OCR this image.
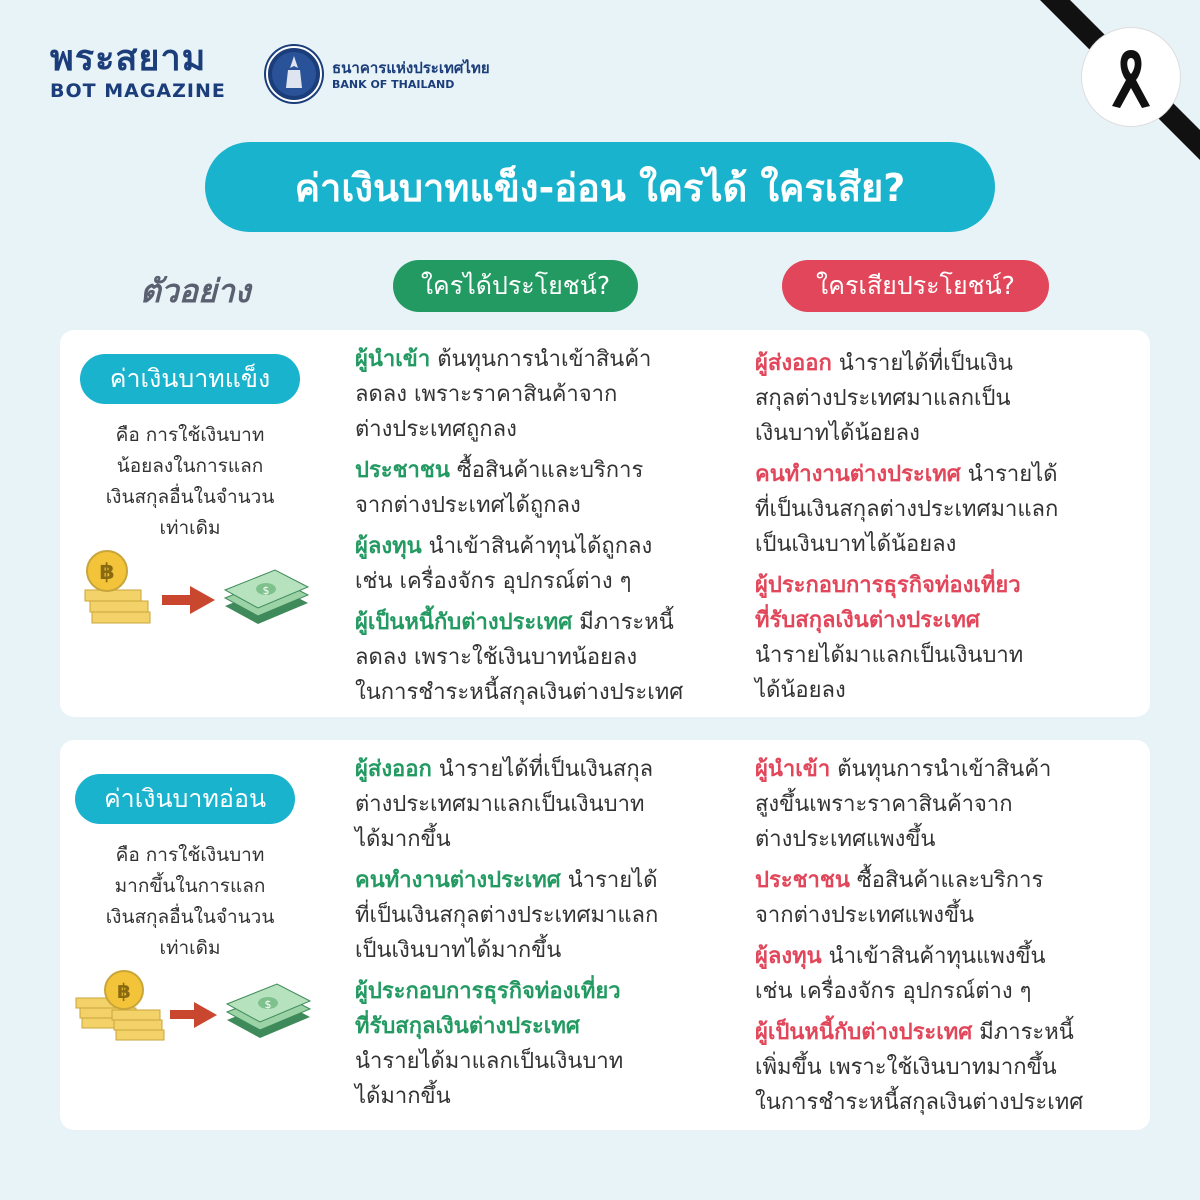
พระสยาม
BOT MAGAZINE
ธนาคารแห่งประเทศไทย
BANK OF THAILAND
ค่าเงินบาทแข็ง-อ่อน ใครได้ ใครเสีย?
ตัวอย่าง	ใครได้ประโยชน์?	ใครเสียประโยชน์?
ค่าเงินบาทแข็ง
คือ การใช้เงินบาท
น้อยลงในการแลก
เงินสกุลอื่นในจำนวน
เท่าเดิม
฿
$

ผู้นำเข้า ต้นทุนการนำเข้าสินค้า
ลดลง เพราะราคาสินค้าจาก
ต่างประเทศถูกลง

ประชาชน ซื้อสินค้าและบริการ
จากต่างประเทศได้ถูกลง

ผู้ลงทุน นำเข้าสินค้าทุนได้ถูกลง
เช่น เครื่องจักร อุปกรณ์ต่าง ๆ

ผู้เป็นหนี้กับต่างประเทศ มีภาระหนี้
ลดลง เพราะใช้เงินบาทน้อยลง
ในการชำระหนี้สกุลเงินต่างประเทศ

ผู้ส่งออก นำรายได้ที่เป็นเงิน
สกุลต่างประเทศมาแลกเป็น
เงินบาทได้น้อยลง

คนทำงานต่างประเทศ นำรายได้
ที่เป็นเงินสกุลต่างประเทศมาแลก
เป็นเงินบาทได้น้อยลง

ผู้ประกอบการธุรกิจท่องเที่ยว
ที่รับสกุลเงินต่างประเทศ
นำรายได้มาแลกเป็นเงินบาท
ได้น้อยลง

ค่าเงินบาทอ่อน
คือ การใช้เงินบาท
มากขึ้นในการแลก
เงินสกุลอื่นในจำนวน
เท่าเดิม
฿
$

ผู้ส่งออก นำรายได้ที่เป็นเงินสกุล
ต่างประเทศมาแลกเป็นเงินบาท
ได้มากขึ้น

คนทำงานต่างประเทศ นำรายได้
ที่เป็นเงินสกุลต่างประเทศมาแลก
เป็นเงินบาทได้มากขึ้น

ผู้ประกอบการธุรกิจท่องเที่ยว
ที่รับสกุลเงินต่างประเทศ
นำรายได้มาแลกเป็นเงินบาท
ได้มากขึ้น

ผู้นำเข้า ต้นทุนการนำเข้าสินค้า
สูงขึ้นเพราะราคาสินค้าจาก
ต่างประเทศแพงขึ้น

ประชาชน ซื้อสินค้าและบริการ
จากต่างประเทศแพงขึ้น

ผู้ลงทุน นำเข้าสินค้าทุนแพงขึ้น
เช่น เครื่องจักร อุปกรณ์ต่าง ๆ

ผู้เป็นหนี้กับต่างประเทศ มีภาระหนี้
เพิ่มขึ้น เพราะใช้เงินบาทมากขึ้น
ในการชำระหนี้สกุลเงินต่างประเทศ
